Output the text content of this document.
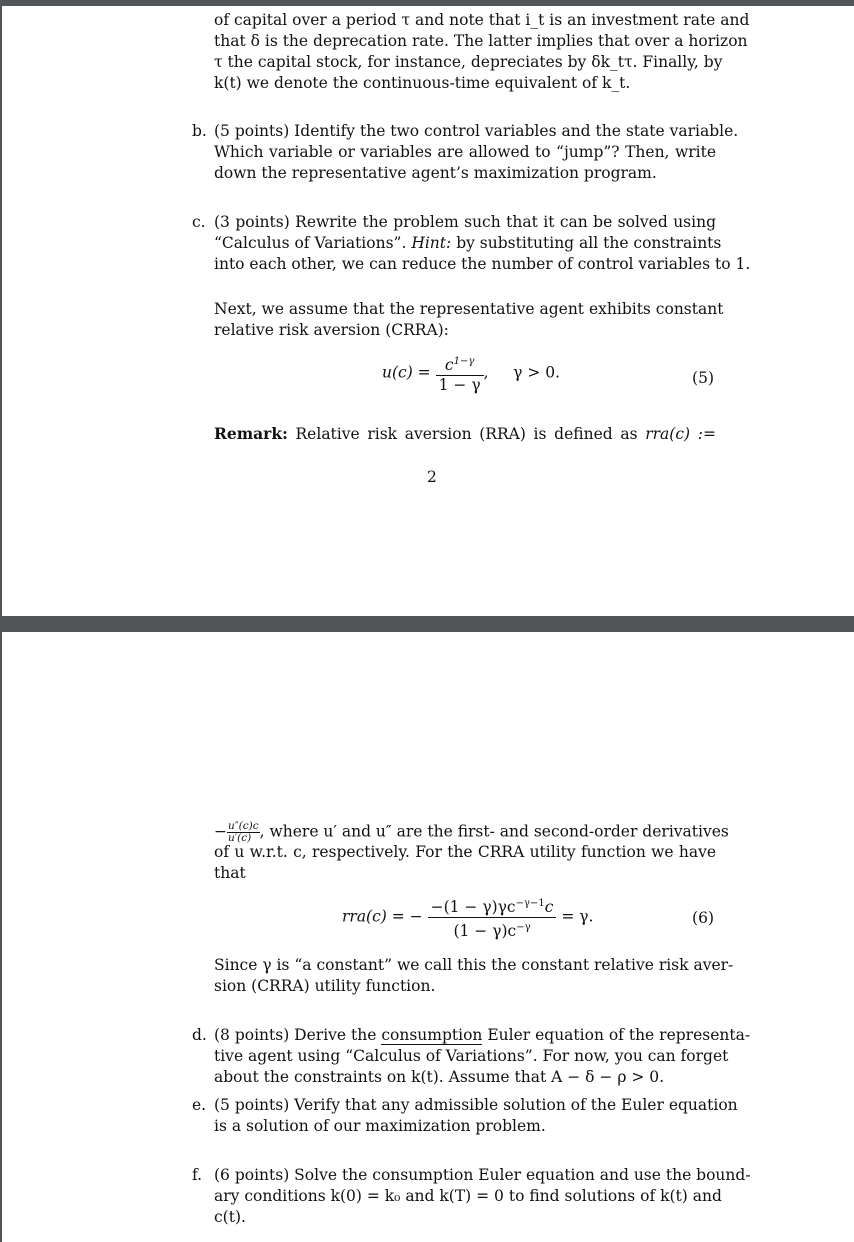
of capital over a period τ and note that i_t is an investment rate and
that δ is the deprecation rate. The latter implies that over a horizon
τ the capital stock, for instance, depreciates by δk_tτ. Finally, by
k(t) we denote the continuous-time equivalent of k_t.
b. (5 points) Identify the two control variables and the state variable.
Which variable or variables are allowed to “jump”? Then, write
down the representative agent’s maximization program.
c. (3 points) Rewrite the problem such that it can be solved using
“Calculus of Variations”. Hint: by substituting all the constraints
into each other, we can reduce the number of control variables to 1.
Next, we assume that the representative agent exhibits constant
relative risk aversion (CRRA):
$u(c) = \frac{c^{1-\gamma}}{1 - \gamma}$ ,     γ > 0.	(5)
Remark: Relative risk aversion (RRA) is defined as rra(c) :=
2
− $\frac{u''(c)c}{u'(c)}$ , where u′ and u″ are the first- and second-order derivatives
of u w.r.t. c, respectively. For the CRRA utility function we have
that
rra(c) = − $\frac{-(1 - \gamma)\gamma c^{-\gamma-1}c}{(1 - \gamma)c^{-\gamma}} = \gamma$.	(6)
Since γ is “a constant” we call this the constant relative risk aver-
sion (CRRA) utility function.
d. (8 points) Derive the consumption Euler equation of the representa-
tive agent using “Calculus of Variations”. For now, you can forget
about the constraints on k(t). Assume that A − δ − ρ > 0.
e. (5 points) Verify that any admissible solution of the Euler equation
is a solution of our maximization problem.
f. (6 points) Solve the consumption Euler equation and use the bound-
ary conditions k(0) = k₀ and k(T) = 0 to find solutions of k(t) and
c(t).
